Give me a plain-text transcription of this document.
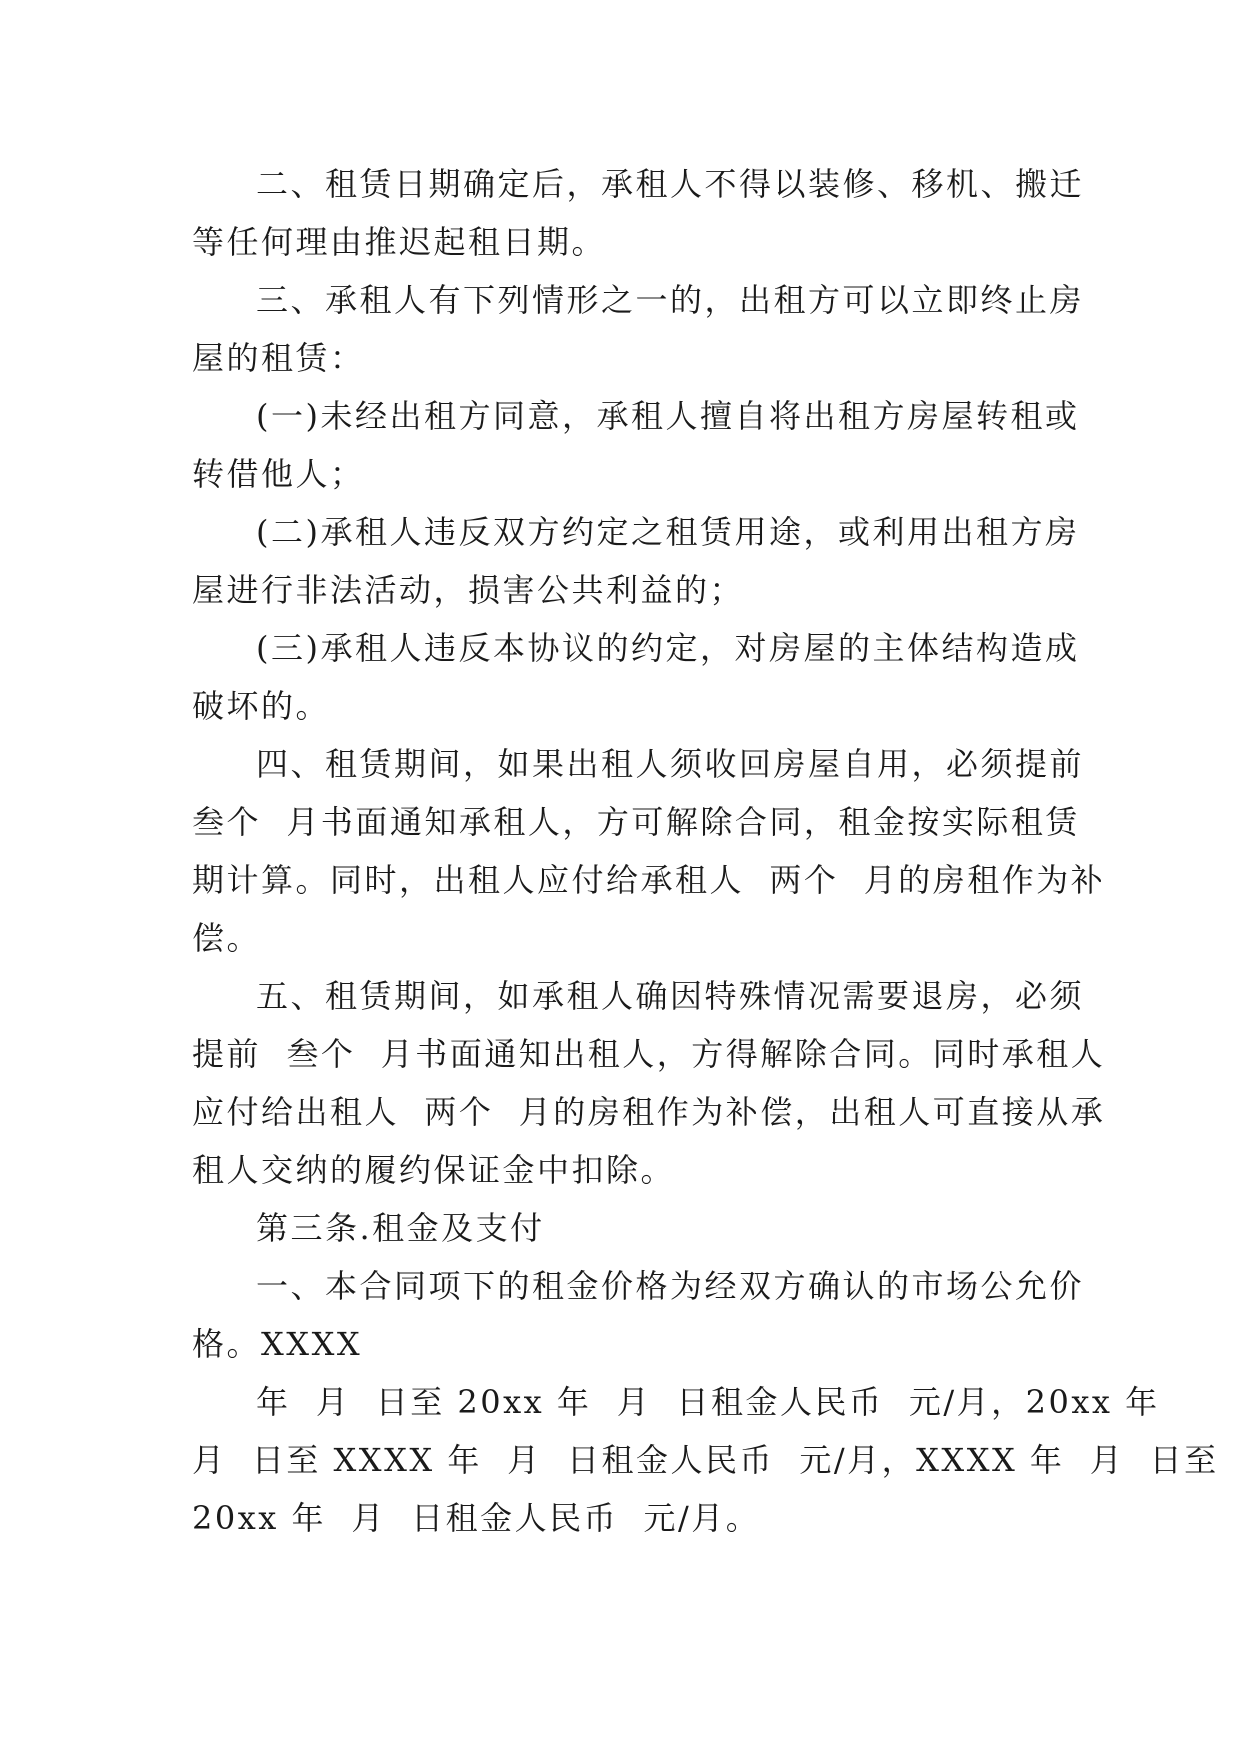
二、租赁日期确定后，承租人不得以装修、移机、搬迁
等任何理由推迟起租日期。
三、承租人有下列情形之一的，出租方可以立即终止房
屋的租赁：
(一)未经出租方同意，承租人擅自将出租方房屋转租或
转借他人；
(二)承租人违反双方约定之租赁用途，或利用出租方房
屋进行非法活动，损害公共利益的；
(三)承租人违反本协议的约定，对房屋的主体结构造成
破坏的。
四、租赁期间，如果出租人须收回房屋自用，必须提前
叁个  月书面通知承租人，方可解除合同，租金按实际租赁
期计算。同时，出租人应付给承租人  两个  月的房租作为补
偿。
五、租赁期间，如承租人确因特殊情况需要退房，必须
提前  叁个  月书面通知出租人，方得解除合同。同时承租人
应付给出租人  两个  月的房租作为补偿，出租人可直接从承
租人交纳的履约保证金中扣除。
第三条.租金及支付
一、本合同项下的租金价格为经双方确认的市场公允价
格。XXXX
年  月  日至 20xx 年  月  日租金人民币  元/月，20xx 年
月  日至 XXXX 年  月  日租金人民币  元/月，XXXX 年  月  日至
20xx 年  月  日租金人民币  元/月。
